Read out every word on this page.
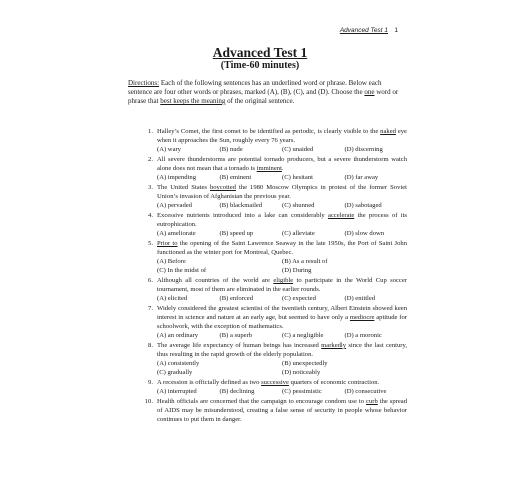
Advanced Test 1 1
Advanced Test 1
(Time-60 minutes)
Directions: Each of the following sentences has an underlined word or phrase. Below each sentence are four other words or phrases, marked (A), (B), (C), and (D). Choose the one word or phrase that best keeps the meaning of the original sentence.
1. Halley’s Comet, the first comet to be identified as periodic, is clearly visible to the naked eye when it approaches the Sun, roughly every 76 years.
(A) wary	(B) nude	(C) unaided	(D) discerning
2. All severe thunderstorms are potential tornado producers, but a severe thunderstorm watch alone does not mean that a tornado is imminent.
(A) impending	(B) eminent	(C) hesitant	(D) far away
3. The United States boycotted the 1980 Moscow Olympics in protest of the former Soviet Union’s invasion of Afghanistan the previous year.
(A) pervaded	(B) blackmailed	(C) shunned	(D) sabotaged
4. Excessive nutrients introduced into a lake can considerably accelerate the process of its eutrophication.
(A) ameliorate	(B) speed up	(C) alleviate	(D) slow down
5. Prior to the opening of the Saint Lawrence Seaway in the late 1950s, the Port of Saint John functioned as the winter port for Montreal, Quebec.
(A) Before	(B) As a result of
(C) In the midst of	(D) During
6. Although all countries of the world are eligible to participate in the World Cup soccer tournament, most of them are eliminated in the earlier rounds.
(A) elicited	(B) enforced	(C) expected	(D) entitled
7. Widely considered the greatest scientist of the twentieth century, Albert Einstein showed keen interest in science and nature at an early age, but seemed to have only a mediocre aptitude for schoolwork, with the exception of mathematics.
(A) an ordinary	(B) a superb	(C) a negligible	(D) a moronic
8. The average life expectancy of human beings has increased markedly since the last century, thus resulting in the rapid growth of the elderly population.
(A) consistently	(B) unexpectedly
(C) gradually	(D) noticeably
9. A recession is officially defined as two successive quarters of economic contraction.
(A) interrupted	(B) declining	(C) pessimistic	(D) consecutive
10. Health officials are concerned that the campaign to encourage condom use to curb the spread of AIDS may be misunderstood, creating a false sense of security in people whose behavior continues to put them in danger.
